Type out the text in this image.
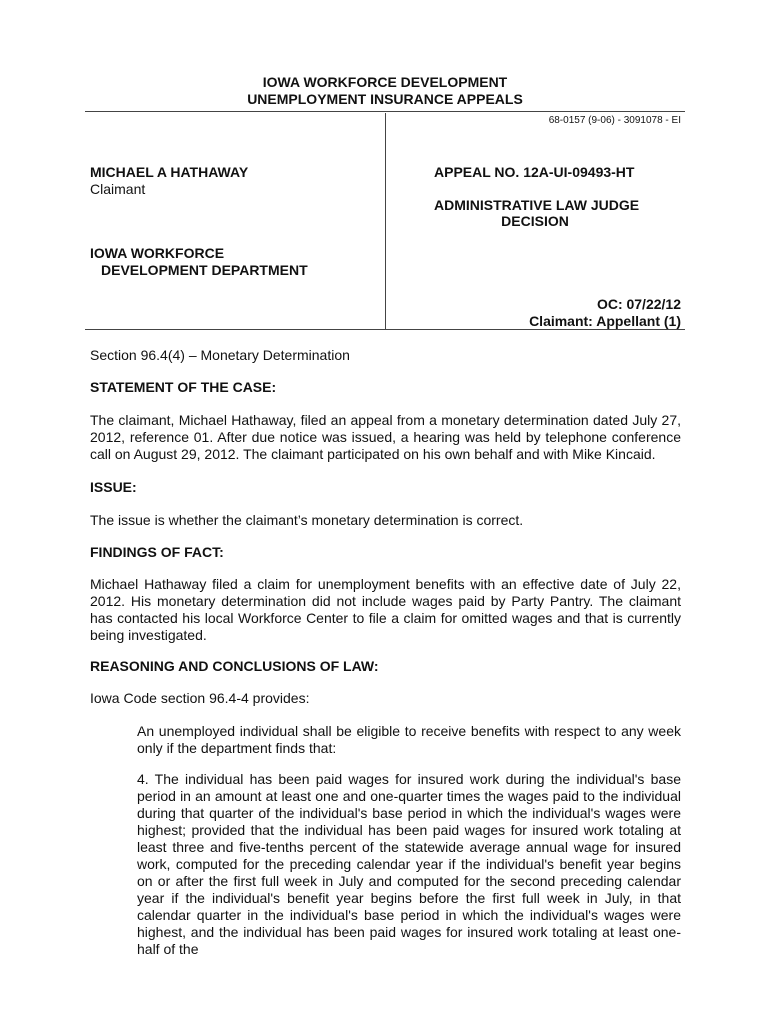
IOWA WORKFORCE DEVELOPMENT
UNEMPLOYMENT INSURANCE APPEALS
68-0157 (9-06) - 3091078 - EI
MICHAEL A HATHAWAY
Claimant
IOWA WORKFORCE
DEVELOPMENT DEPARTMENT
APPEAL NO. 12A-UI-09493-HT
ADMINISTRATIVE LAW JUDGE
DECISION
OC: 07/22/12
Claimant: Appellant (1)
Section 96.4(4) – Monetary Determination
STATEMENT OF THE CASE:
The claimant, Michael Hathaway, filed an appeal from a monetary determination dated July 27, 2012, reference 01. After due notice was issued, a hearing was held by telephone conference call on August 29, 2012. The claimant participated on his own behalf and with Mike Kincaid.
ISSUE:
The issue is whether the claimant’s monetary determination is correct.
FINDINGS OF FACT:
Michael Hathaway filed a claim for unemployment benefits with an effective date of July 22, 2012. His monetary determination did not include wages paid by Party Pantry. The claimant has contacted his local Workforce Center to file a claim for omitted wages and that is currently being investigated.
REASONING AND CONCLUSIONS OF LAW:
Iowa Code section 96.4-4 provides:
An unemployed individual shall be eligible to receive benefits with respect to any week only if the department finds that:
4. The individual has been paid wages for insured work during the individual's base period in an amount at least one and one-quarter times the wages paid to the individual during that quarter of the individual's base period in which the individual's wages were highest; provided that the individual has been paid wages for insured work totaling at least three and five-tenths percent of the statewide average annual wage for insured work, computed for the preceding calendar year if the individual's benefit year begins on or after the first full week in July and computed for the second preceding calendar year if the individual's benefit year begins before the first full week in July, in that calendar quarter in the individual's base period in which the individual's wages were highest, and the individual has been paid wages for insured work totaling at least one-half of the
